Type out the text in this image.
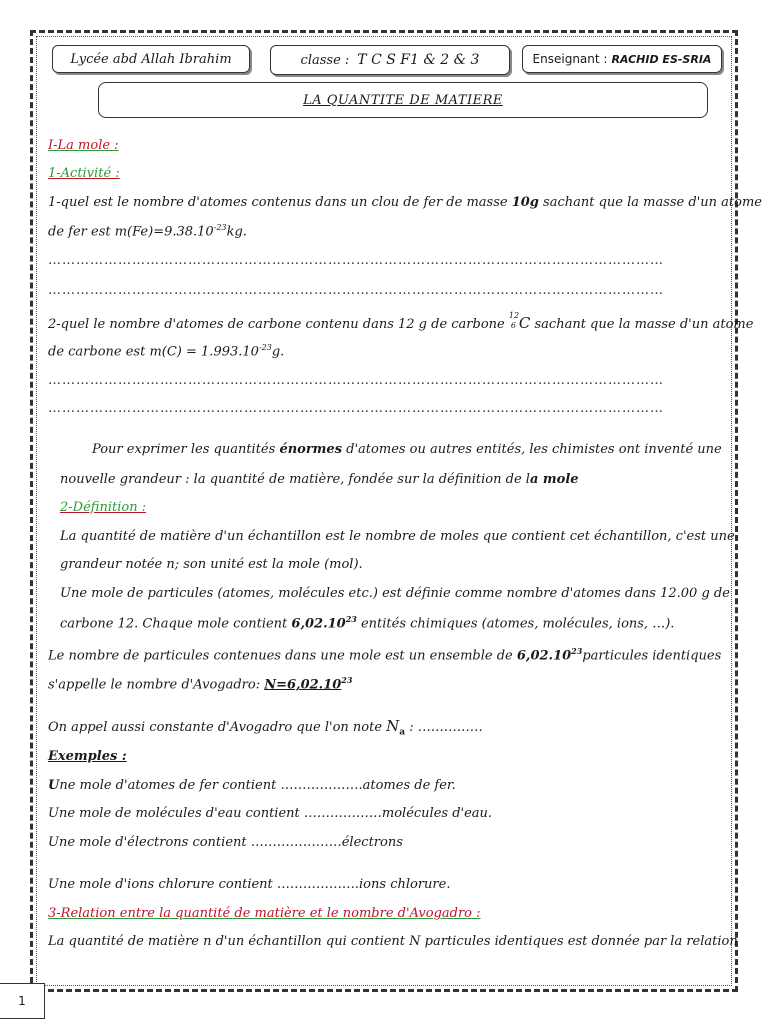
Lycée abd Allah Ibrahim	classe : T C S F1 & 2 & 3	Enseignant : RACHID ES-SRIA
LA QUANTITE DE MATIERE
I-La mole :
1-Activité :
1-quel est le nombre d'atomes contenus dans un clou de fer de masse 10g sachant que la masse d'un atome
de fer est $m(Fe)=9.38.10^{-23}kg$.
……………………………………………………………………………………………………………………
……………………………………………………………………………………………………………………
2-quel le nombre d'atomes de carbone contenu dans 12 g de carbone
12
6 C sachant que la masse d'un atome
de carbone est $m(C) = 1.993.10^{-23}g$.
……………………………………………………………………………………………………………………
……………………………………………………………………………………………………………………
Pour exprimer les quantités énormes d'atomes ou autres entités, les chimistes ont inventé une
nouvelle grandeur : la quantité de matière, fondée sur la définition de la mole
2-Définition :
La quantité de matière d'un échantillon est le nombre de moles que contient cet échantillon, c'est une
grandeur notée n; son unité est la mole (mol).
Une mole de particules (atomes, molécules etc.) est définie comme nombre d'atomes dans 12.00 g de
carbone 12. Chaque mole contient 6,02.10$^{23}$ entités chimiques (atomes, molécules, ions, …).
Le nombre de particules contenues dans une mole est un ensemble de 6,02.10$^{23}$particules identiques
s'appelle le nombre d'Avogadro: $N=6,02.10^{23}$
On appel aussi constante d'Avogadro que l'on note $N_a$ : ……………
Exemples :
Une mole d'atomes de fer contient ……………….atomes de fer.
Une mole de molécules d'eau contient ………………molécules d'eau.
Une mole d'électrons contient …………………électrons
Une mole d'ions chlorure contient ……………….ions chlorure.
3-Relation entre la quantité de matière et le nombre d'Avogadro :
La quantité de matière n d'un échantillon qui contient N particules identiques est donnée par la relation
1
